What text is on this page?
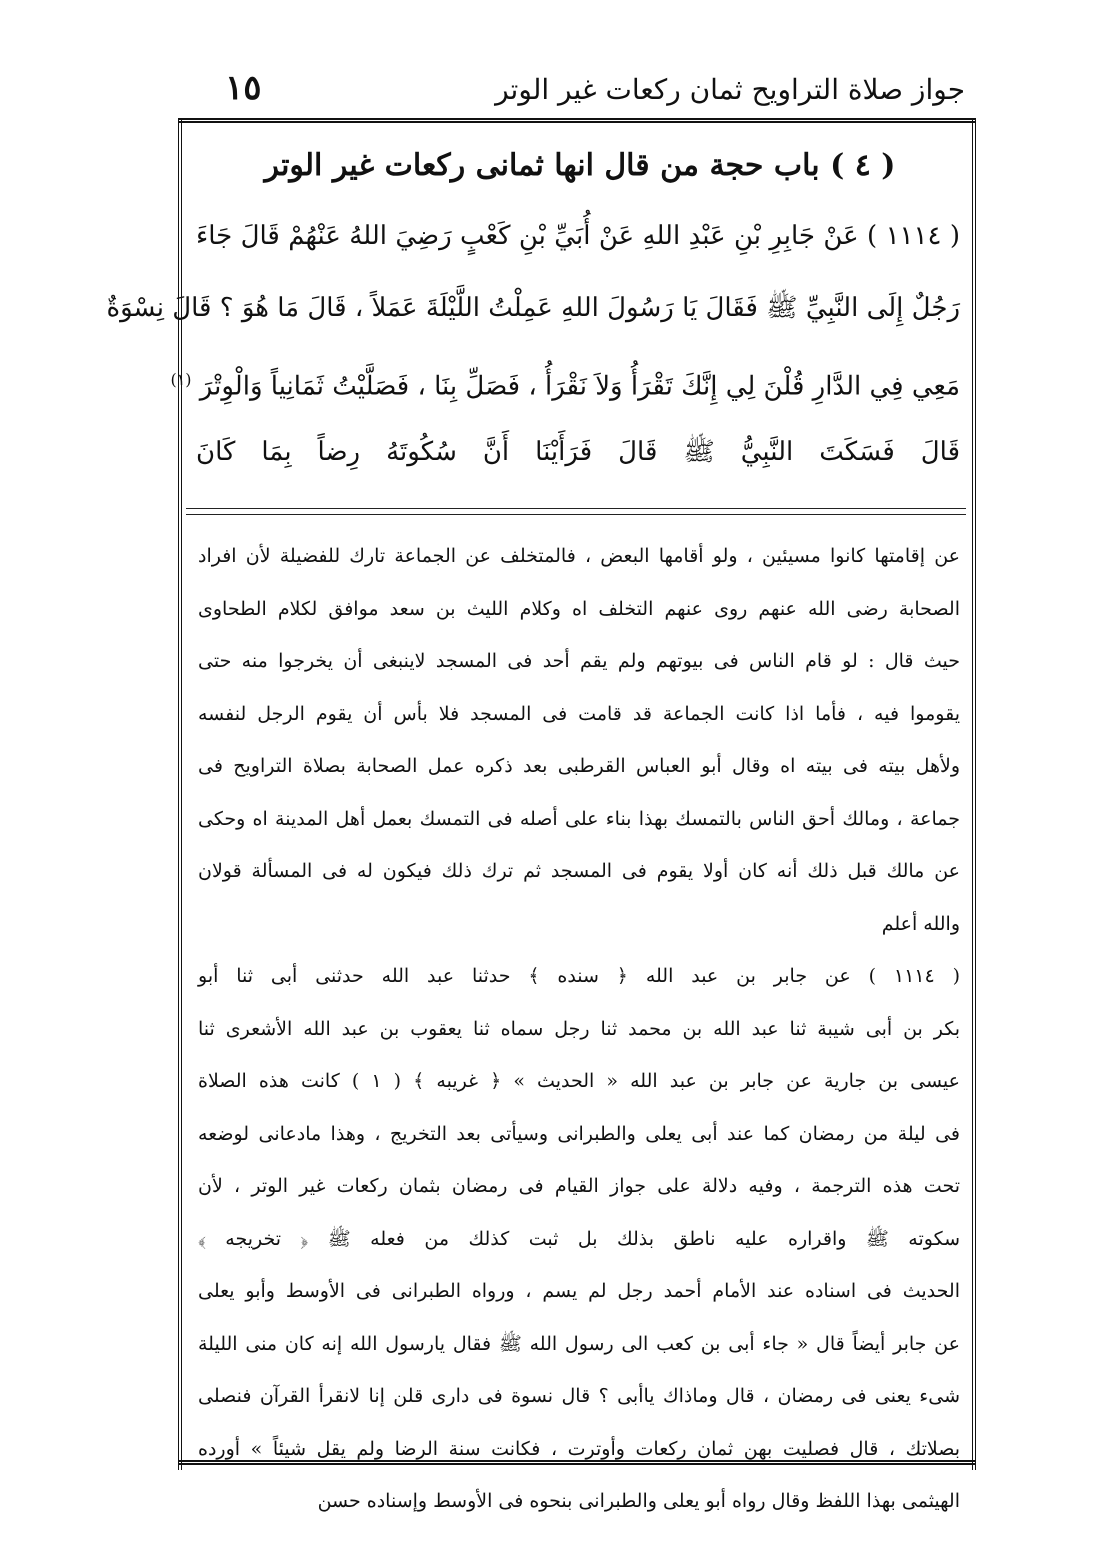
جواز صلاة التراويح ثمان ركعات غير الوتر
١٥
( ٤ ) باب حجة من قال انها ثمانى ركعات غير الوتر
( ١١١٤ ) عَنْ جَابِرِ بْنِ عَبْدِ اللهِ عَنْ أُبَيِّ بْنِ كَعْبٍ رَضِيَ اللهُ عَنْهُمْ قَالَ جَاءَ
رَجُلٌ إِلَى النَّبِيِّ ﷺ فَقَالَ يَا رَسُولَ اللهِ عَمِلْتُ اللَّيْلَةَ عَمَلاً ، قَالَ مَا هُوَ ؟ قَالَ نِسْوَةٌ
مَعِي فِي الدَّارِ قُلْنَ لِي إِنَّكَ تَقْرَأُ وَلاَ نَقْرَأُ ، فَصَلِّ بِنَا ، فَصَلَّيْتُ ثَمَانِياً وَالْوِتْرَ $^{(١)}$
قَالَ فَسَكَتَ النَّبِيُّ ﷺ قَالَ فَرَأَيْنَا أَنَّ سُكُوتَهُ رِضاً بِمَا كَانَ
عن إقامتها كانوا مسيئين ، ولو أقامها البعض ، فالمتخلف عن الجماعة تارك للفضيلة لأن افراد
الصحابة رضى الله عنهم روى عنهم التخلف اه وكلام الليث بن سعد موافق لكلام الطحاوى
حيث قال : لو قام الناس فى بيوتهم ولم يقم أحد فى المسجد لاينبغى أن يخرجوا منه حتى
يقوموا فيه ، فأما اذا كانت الجماعة قد قامت فى المسجد فلا بأس أن يقوم الرجل لنفسه
ولأهل بيته فى بيته اه وقال أبو العباس القرطبى بعد ذكره عمل الصحابة بصلاة التراويح فى
جماعة ، ومالك أحق الناس بالتمسك بهذا بناء على أصله فى التمسك بعمل أهل المدينة اه وحكى
عن مالك قبل ذلك أنه كان أولا يقوم فى المسجد ثم ترك ذلك فيكون له فى المسألة قولان
والله أعلم
( ١١١٤ ) عن جابر بن عبد الله ﴿ سنده ﴾ حدثنا عبد الله حدثنى أبى ثنا أبو
بكر بن أبى شيبة ثنا عبد الله بن محمد ثنا رجل سماه ثنا يعقوب بن عبد الله الأشعرى ثنا
عيسى بن جارية عن جابر بن عبد الله « الحديث » ﴿ غريبه ﴾ ( ١ ) كانت هذه الصلاة
فى ليلة من رمضان كما عند أبى يعلى والطبرانى وسيأتى بعد التخريج ، وهذا مادعانى لوضعه
تحت هذه الترجمة ، وفيه دلالة على جواز القيام فى رمضان بثمان ركعات غير الوتر ، لأن
سكوته ﷺ واقراره عليه ناطق بذلك بل ثبت كذلك من فعله ﷺ ﴿ تخريجه ﴾
الحديث فى اسناده عند الأمام أحمد رجل لم يسم ، ورواه الطبرانى فى الأوسط وأبو يعلى
عن جابر أيضاً قال « جاء أبى بن كعب الى رسول الله ﷺ فقال يارسول الله إنه كان منى الليلة
شىء يعنى فى رمضان ، قال وماذاك ياأبى ؟ قال نسوة فى دارى قلن إنا لانقرأ القرآن فنصلى
بصلاتك ، قال فصليت بهن ثمان ركعات وأوترت ، فكانت سنة الرضا ولم يقل شيئاً » أورده
الهيثمى بهذا اللفظ وقال رواه أبو يعلى والطبرانى بنحوه فى الأوسط وإسناده حسن
